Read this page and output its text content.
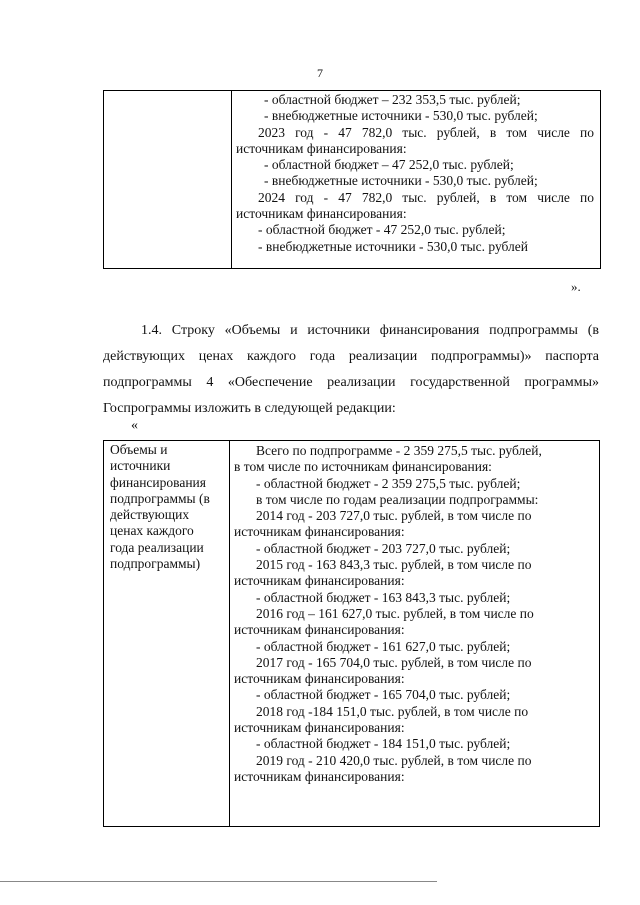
7
- областной бюджет – 232 353,5 тыс. рублей;
- внебюджетные источники - 530,0 тыс. рублей;
2023 год - 47 782,0 тыс. рублей, в том числе по
источникам финансирования:
- областной бюджет – 47 252,0 тыс. рублей;
- внебюджетные источники - 530,0 тыс. рублей;
2024 год - 47 782,0 тыс. рублей, в том числе по
источникам финансирования:
- областной бюджет - 47 252,0 тыс. рублей;
- внебюджетные источники - 530,0 тыс. рублей
».
1.4. Строку «Объемы и источники финансирования подпрограммы (в
действующих ценах каждого года реализации подпрограммы)» паспорта
подпрограммы 4 «Обеспечение реализации государственной программы»
Госпрограммы изложить в следующей редакции:
«
Объемы и
источники
финансирования
подпрограммы (в
действующих
ценах каждого
года реализации
подпрограммы)
Всего по подпрограмме - 2 359 275,5 тыс. рублей,
в том числе по источникам финансирования:
- областной бюджет - 2 359 275,5 тыс. рублей;
в том числе по годам реализации подпрограммы:
2014 год - 203 727,0 тыс. рублей, в том числе по
источникам финансирования:
- областной бюджет - 203 727,0 тыс. рублей;
2015 год - 163 843,3 тыс. рублей, в том числе по
источникам финансирования:
- областной бюджет - 163 843,3 тыс. рублей;
2016 год – 161 627,0 тыс. рублей, в том числе по
источникам финансирования:
- областной бюджет - 161 627,0 тыс. рублей;
2017 год - 165 704,0 тыс. рублей, в том числе по
источникам финансирования:
- областной бюджет - 165 704,0 тыс. рублей;
2018 год -184 151,0 тыс. рублей, в том числе по
источникам финансирования:
- областной бюджет - 184 151,0 тыс. рублей;
2019 год - 210 420,0 тыс. рублей, в том числе по
источникам финансирования:
